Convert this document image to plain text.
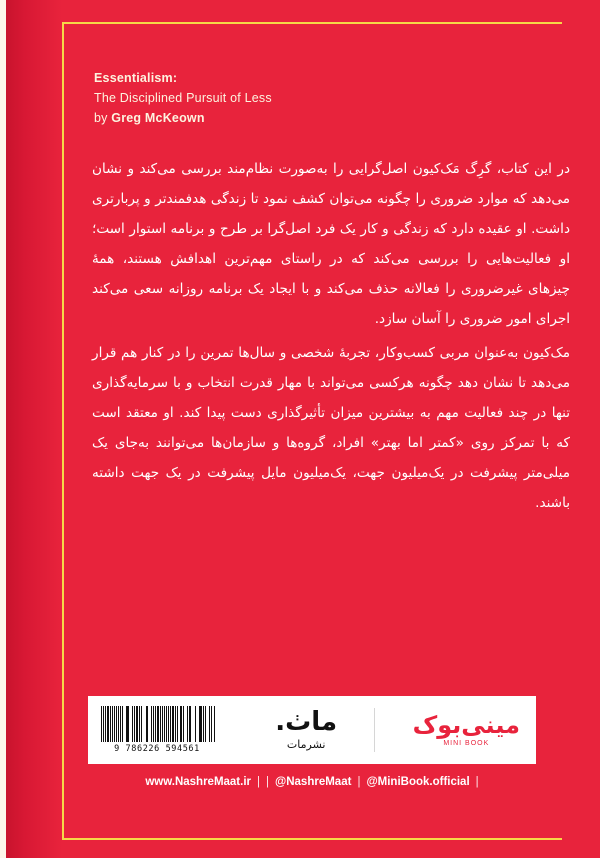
Essentialism:
The Disciplined Pursuit of Less
by Greg McKeown

در این کتاب، گرِگ مَک‌کیون اصل‌گرایی را به‌صورت نظام‌مند بررسی می‌کند و نشان می‌دهد که موارد ضروری را چگونه می‌توان کشف نمود تا زندگی هدفمندتر و پربارتری داشت. او عقیده دارد که زندگی و کار یک فرد اصل‌گرا بر طرح و برنامه استوار است؛ او فعالیت‌هایی را بررسی می‌کند که در راستای مهم‌ترین اهدافش هستند، همهٔ چیزهای غیرضروری را فعالانه حذف می‌کند و با ایجاد یک برنامه روزانه سعی می‌کند اجرای امور ضروری را آسان سازد.

مک‌کیون به‌عنوان مربی کسب‌وکار، تجربهٔ شخصی و سال‌ها تمرین را در کنار هم قرار می‌دهد تا نشان دهد چگونه هرکسی می‌تواند با مهار قدرت انتخاب و با سرمایه‌گذاری تنها در چند فعالیت مهم به بیشترین میزان تأثیرگذاری دست پیدا کند. او معتقد است که با تمرکز روی «کمتر اما بهتر» افراد، گروه‌ها و سازمان‌ها می‌توانند به‌جای یک میلی‌متر پیشرفت در یک‌میلیون جهت، یک‌میلیون مایل پیشرفت در یک جهت داشته باشند.

9 786226 594561
ماٺ.
نشرمات
مینی‌بوک
MINI BOOK
www.NashreMaat.ir | | @NashreMaat | @MiniBook.official |
